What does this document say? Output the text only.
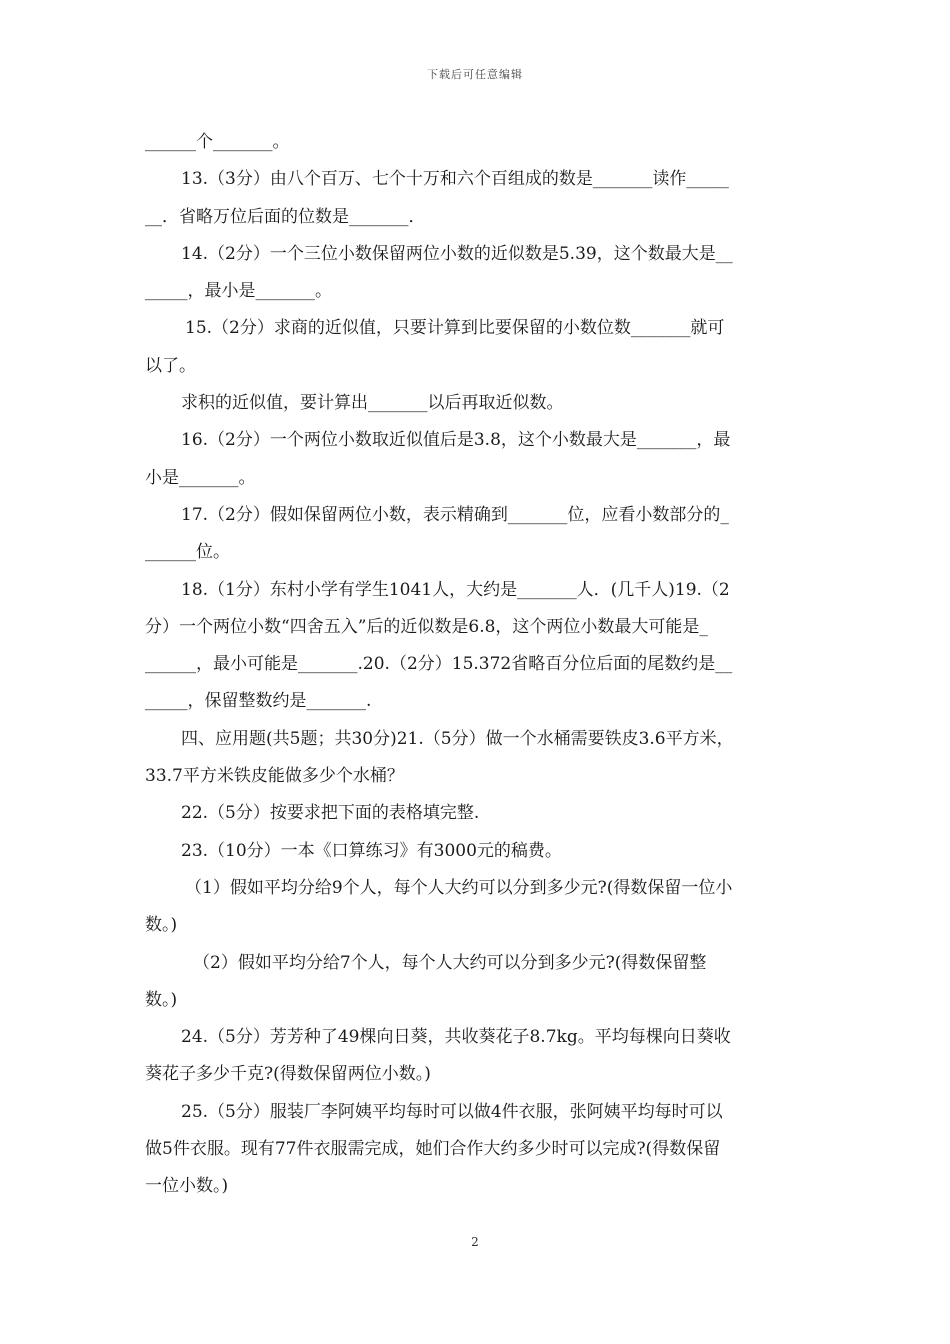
下载后可任意编辑
______个_______。
13.（3分）由八个百万、七个十万和六个百组成的数是_______读作_____
__．省略万位后面的位数是_______．
14.（2分）一个三位小数保留两位小数的近似数是5.39，这个数最大是__
_____，最小是_______。
15.（2分）求商的近似值，只要计算到比要保留的小数位数_______就可
以了。
求积的近似值，要计算出_______以后再取近似数。
16.（2分）一个两位小数取近似值后是3.8，这个小数最大是_______，最
小是_______。
17.（2分）假如保留两位小数，表示精确到_______位，应看小数部分的_
______位。
18.（1分）东村小学有学生1041人，大约是_______人．(几千人)19.（2
分）一个两位小数“四舍五入”后的近似数是6.8，这个两位小数最大可能是_
______，最小可能是_______.20.（2分）15.372省略百分位后面的尾数约是__
_____，保留整数约是_______.
四、应用题(共5题；共30分)21.（5分）做一个水桶需要铁皮3.6平方米，
33.7平方米铁皮能做多少个水桶？
22.（5分）按要求把下面的表格填完整.
23.（10分）一本《口算练习》有3000元的稿费。
（1）假如平均分给9个人，每个人大约可以分到多少元?(得数保留一位小
数。)
（2）假如平均分给7个人，每个人大约可以分到多少元?(得数保留整
数。)
24.（5分）芳芳种了49棵向日葵，共收葵花子8.7kg。平均每棵向日葵收
葵花子多少千克?(得数保留两位小数。)
25.（5分）服装厂李阿姨平均每时可以做4件衣服，张阿姨平均每时可以
做5件衣服。现有77件衣服需完成，她们合作大约多少时可以完成?(得数保留
一位小数。)
2
